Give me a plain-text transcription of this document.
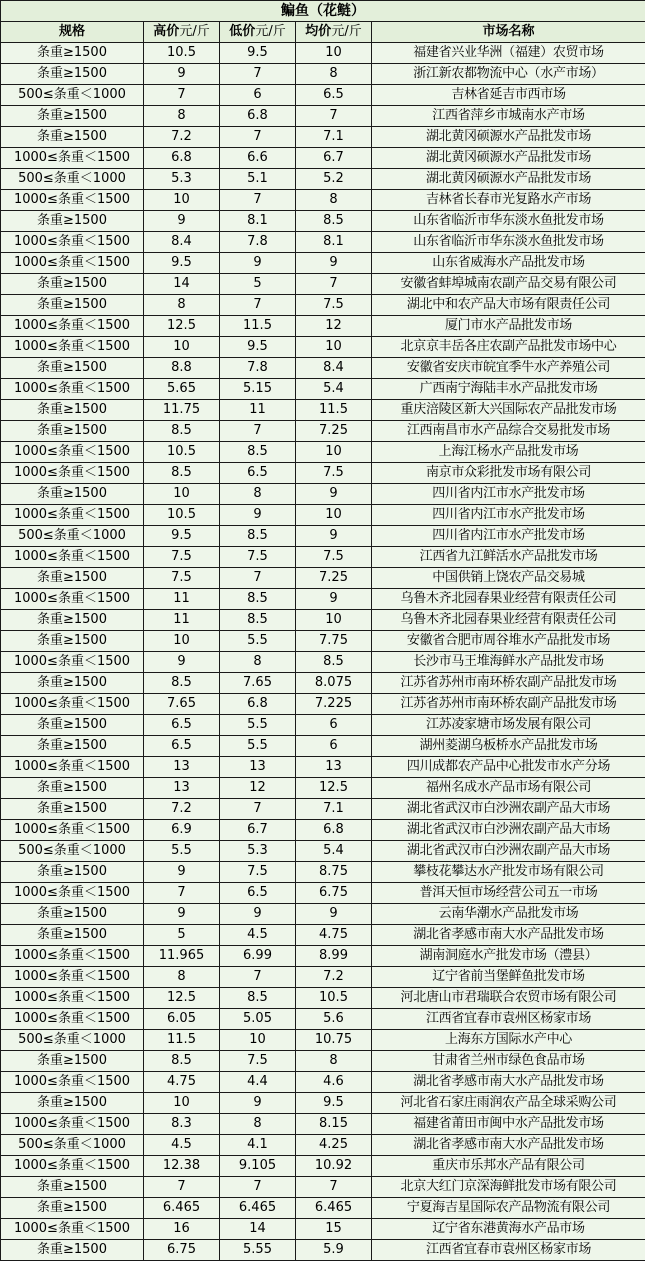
鳊鱼（花鲢）				
规格	高价元/斤	低价元/斤	均价元/斤	市场名称
条重≥1500	10.5	9.5	10	福建省兴业华洲（福建）农贸市场
条重≥1500	9	7	8	浙江新农都物流中心（水产市场）
500≤条重＜1000	7	6	6.5	吉林省延吉市西市场
条重≥1500	8	6.8	7	江西省萍乡市城南水产市场
条重≥1500	7.2	7	7.1	湖北黄冈硕源水产品批发市场
1000≤条重＜1500	6.8	6.6	6.7	湖北黄冈硕源水产品批发市场
500≤条重＜1000	5.3	5.1	5.2	湖北黄冈硕源水产品批发市场
1000≤条重＜1500	10	7	8	吉林省长春市光复路水产市场
条重≥1500	9	8.1	8.5	山东省临沂市华东淡水鱼批发市场
1000≤条重＜1500	8.4	7.8	8.1	山东省临沂市华东淡水鱼批发市场
1000≤条重＜1500	9.5	9	9	山东省威海水产品批发市场
条重≥1500	14	5	7	安徽省蚌埠城南农副产品交易有限公司
条重≥1500	8	7	7.5	湖北中和农产品大市场有限责任公司
1000≤条重＜1500	12.5	11.5	12	厦门市水产品批发市场
1000≤条重＜1500	10	9.5	10	北京京丰岳各庄农副产品批发市场中心
条重≥1500	8.8	7.8	8.4	安徽省安庆市皖宜季牛水产养殖公司
1000≤条重＜1500	5.65	5.15	5.4	广西南宁海陆丰水产品批发市场
条重≥1500	11.75	11	11.5	重庆涪陵区新大兴国际农产品批发市场
条重≥1500	8.5	7	7.25	江西南昌市水产品综合交易批发市场
1000≤条重＜1500	10.5	8.5	10	上海江杨水产品批发市场
1000≤条重＜1500	8.5	6.5	7.5	南京市众彩批发市场有限公司
条重≥1500	10	8	9	四川省内江市水产批发市场
1000≤条重＜1500	10.5	9	10	四川省内江市水产批发市场
500≤条重＜1000	9.5	8.5	9	四川省内江市水产批发市场
1000≤条重＜1500	7.5	7.5	7.5	江西省九江鲜活水产品批发市场
条重≥1500	7.5	7	7.25	中国供销上饶农产品交易城
1000≤条重＜1500	11	8.5	9	乌鲁木齐北园春果业经营有限责任公司
条重≥1500	11	8.5	10	乌鲁木齐北园春果业经营有限责任公司
条重≥1500	10	5.5	7.75	安徽省合肥市周谷堆水产品批发市场
1000≤条重＜1500	9	8	8.5	长沙市马王堆海鲜水产品批发市场
条重≥1500	8.5	7.65	8.075	江苏省苏州市南环桥农副产品批发市场
1000≤条重＜1500	7.65	6.8	7.225	江苏省苏州市南环桥农副产品批发市场
条重≥1500	6.5	5.5	6	江苏凌家塘市场发展有限公司
条重≥1500	6.5	5.5	6	湖州菱湖乌板桥水产品批发市场
1000≤条重＜1500	13	13	13	四川成都农产品中心批发市水产分场
条重≥1500	13	12	12.5	福州名成水产品市场有限公司
条重≥1500	7.2	7	7.1	湖北省武汉市白沙洲农副产品大市场
1000≤条重＜1500	6.9	6.7	6.8	湖北省武汉市白沙洲农副产品大市场
500≤条重＜1000	5.5	5.3	5.4	湖北省武汉市白沙洲农副产品大市场
条重≥1500	9	7.5	8.75	攀枝花攀达水产批发市场有限公司
1000≤条重＜1500	7	6.5	6.75	普洱天恒市场经营公司五一市场
条重≥1500	9	9	9	云南华潮水产品批发市场
条重≥1500	5	4.5	4.75	湖北省孝感市南大水产品批发市场
1000≤条重＜1500	11.965	6.99	8.99	湖南洞庭水产批发市场（澧县）
1000≤条重＜1500	8	7	7.2	辽宁省前当堡鲜鱼批发市场
1000≤条重＜1500	12.5	8.5	10.5	河北唐山市君瑞联合农贸市场有限公司
1000≤条重＜1500	6.05	5.05	5.6	江西省宜春市袁州区杨家市场
500≤条重＜1000	11.5	10	10.75	上海东方国际水产中心
条重≥1500	8.5	7.5	8	甘肃省兰州市绿色食品市场
1000≤条重＜1500	4.75	4.4	4.6	湖北省孝感市南大水产品批发市场
条重≥1500	10	9	9.5	河北省石家庄雨润农产品全球采购公司
1000≤条重＜1500	8.3	8	8.15	福建省莆田市闽中水产品批发市场
500≤条重＜1000	4.5	4.1	4.25	湖北省孝感市南大水产品批发市场
1000≤条重＜1500	12.38	9.105	10.92	重庆市乐邦水产品有限公司
条重≥1500	7	7	7	北京大红门京深海鲜批发市场有限公司
条重≥1500	6.465	6.465	6.465	宁夏海吉星国际农产品物流有限公司
1000≤条重＜1500	16	14	15	辽宁省东港黄海水产品市场
条重≥1500	6.75	5.55	5.9	江西省宜春市袁州区杨家市场
